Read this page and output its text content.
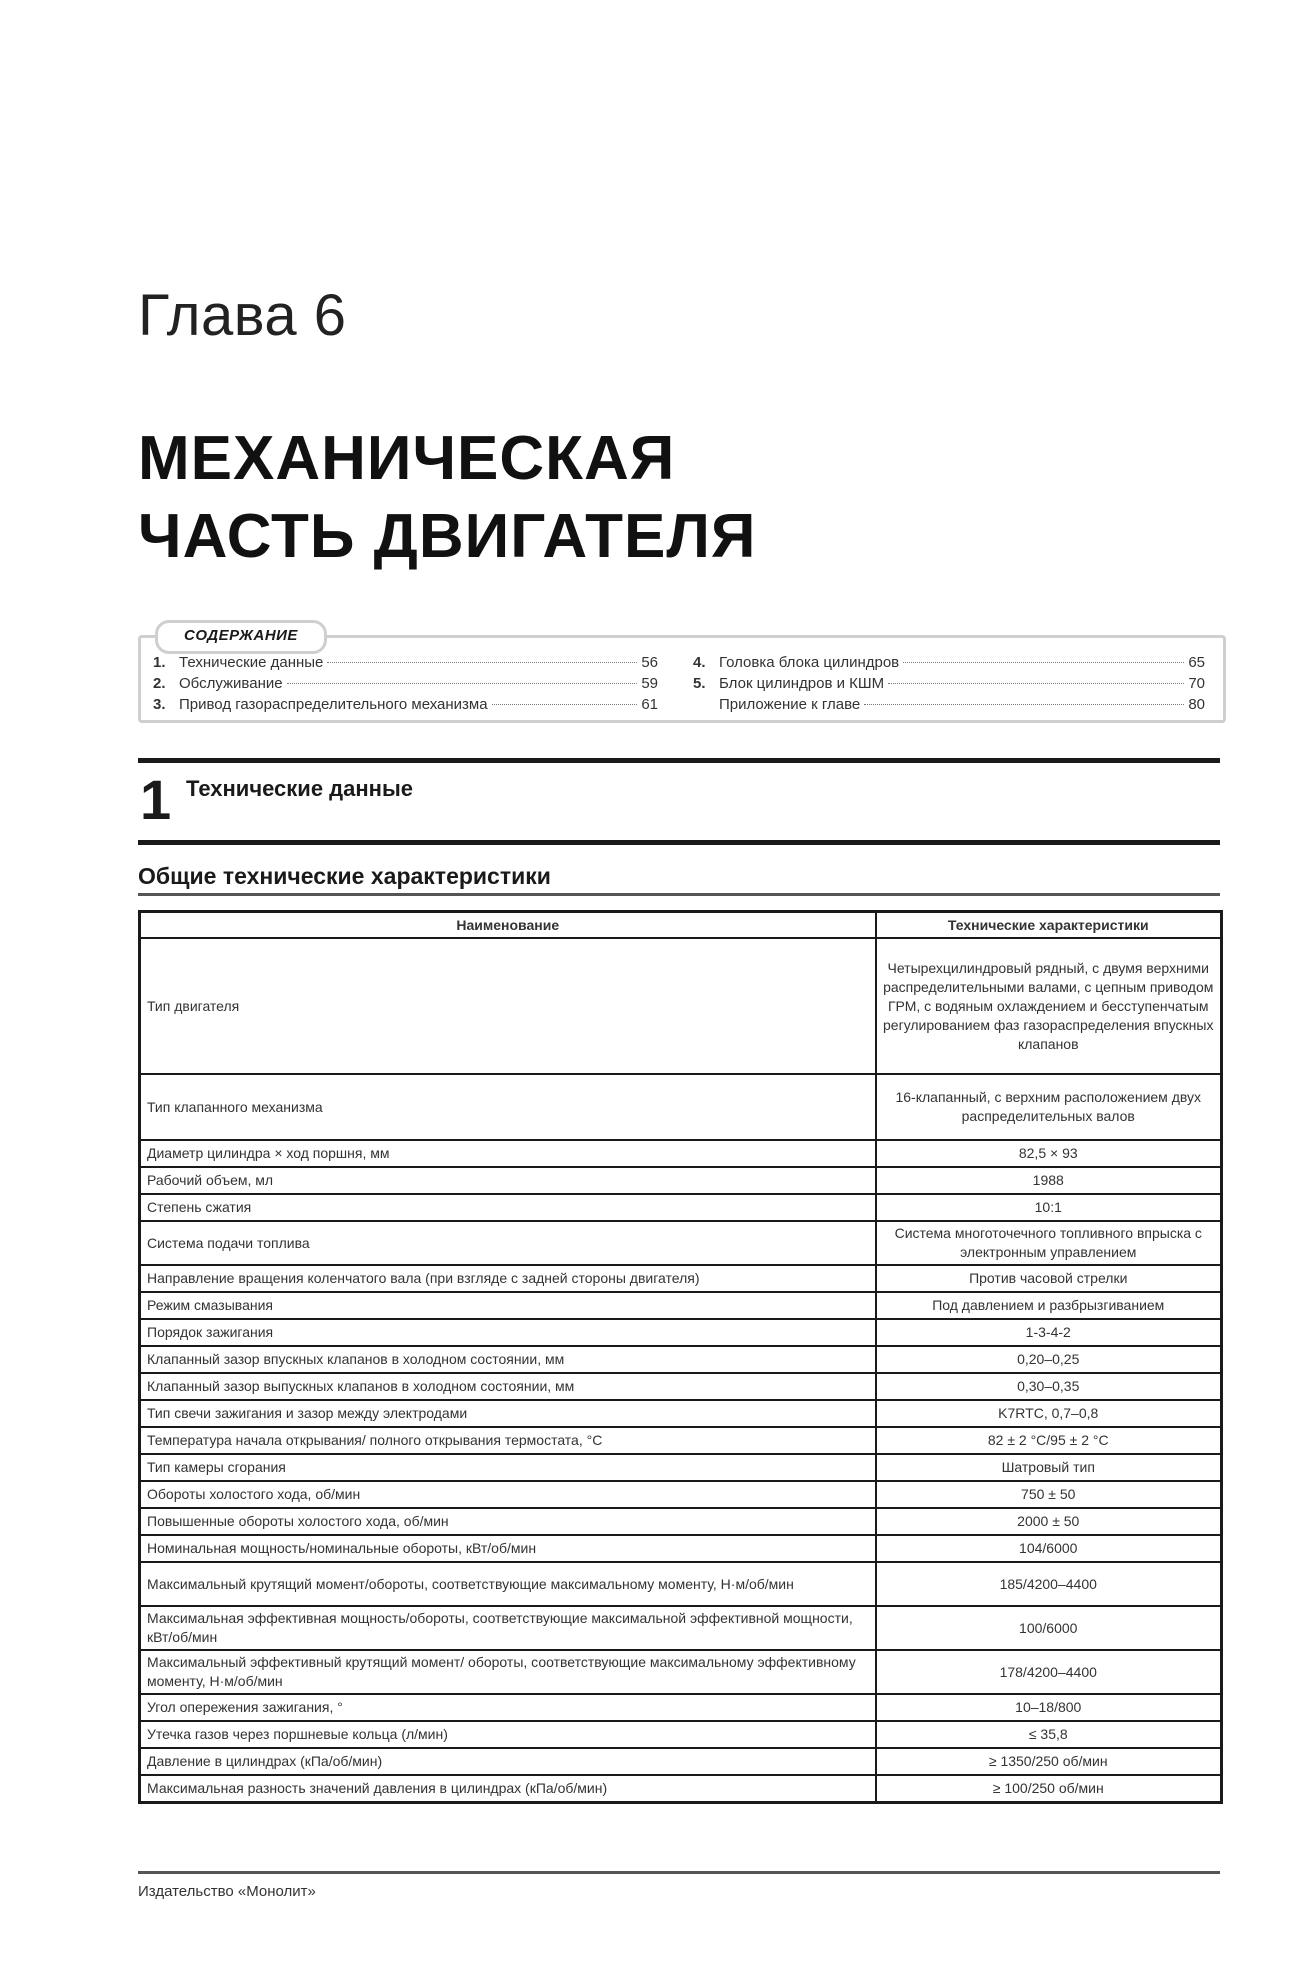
Глава 6
МЕХАНИЧЕСКАЯ
ЧАСТЬ ДВИГАТЕЛЯ
СОДЕРЖАНИЕ
1. Технические данные	56
2. Обслуживание	59
3. Привод газораспределительного механизма	61
4. Головка блока цилиндров	65
5. Блок цилиндров и КШМ	70
Приложение к главе	80
1 Технические данные
Общие технические характеристики
Наименование	Технические характеристики
Тип двигателя	Четырехцилиндровый рядный, с двумя верхними распределительными валами, с цепным приводом ГРМ, с водяным охлаждением и бесступенчатым регулированием фаз газораспределения впускных клапанов
Тип клапанного механизма	16-клапанный, с верхним расположением двух распределительных валов
Диаметр цилиндра × ход поршня, мм	82,5 × 93
Рабочий объем, мл	1988
Степень сжатия	10:1
Система подачи топлива	Система многоточечного топливного впрыска с электронным управлением
Направление вращения коленчатого вала (при взгляде с задней стороны двигателя)	Против часовой стрелки
Режим смазывания	Под давлением и разбрызгиванием
Порядок зажигания	1-3-4-2
Клапанный зазор впускных клапанов в холодном состоянии, мм	0,20–0,25
Клапанный зазор выпускных клапанов в холодном состоянии, мм	0,30–0,35
Тип свечи зажигания и зазор между электродами	K7RTC, 0,7–0,8
Температура начала открывания/ полного открывания термостата, °C	82 ± 2 °C/95 ± 2 °C
Тип камеры сгорания	Шатровый тип
Обороты холостого хода, об/мин	750 ± 50
Повышенные обороты холостого хода, об/мин	2000 ± 50
Номинальная мощность/номинальные обороты, кВт/об/мин	104/6000
Максимальный крутящий момент/обороты, соответствующие максимальному моменту, Н·м/об/мин	185/4200–4400
Максимальная эффективная мощность/обороты, соответствующие максимальной эффективной мощности, кВт/об/мин	100/6000
Максимальный эффективный крутящий момент/ обороты, соответствующие максимальному эффективному моменту, Н·м/об/мин	178/4200–4400
Угол опережения зажигания, °	10–18/800
Утечка газов через поршневые кольца (л/мин)	≤ 35,8
Давление в цилиндрах (кПа/об/мин)	≥ 1350/250 об/мин
Максимальная разность значений давления в цилиндрах (кПа/об/мин)	≥ 100/250 об/мин
Издательство «Монолит»
